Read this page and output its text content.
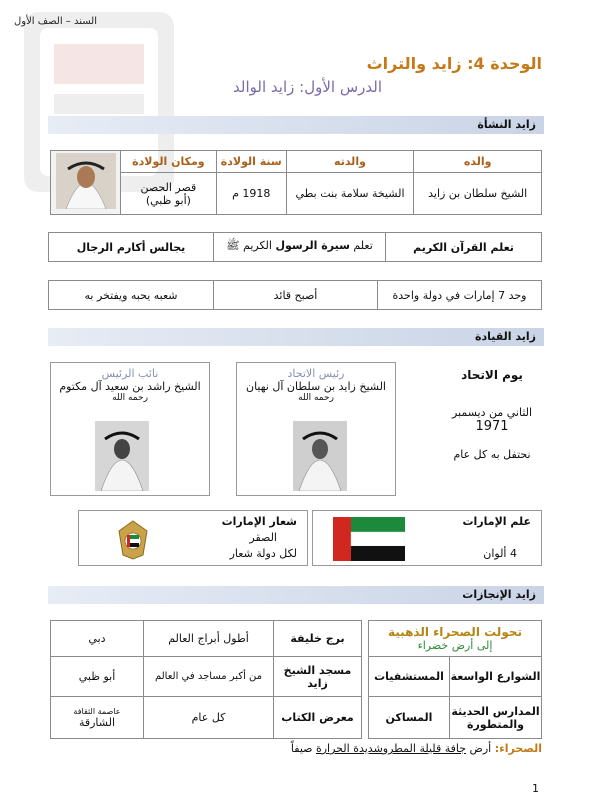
السند – الصف الأول
الوحدة 4: زايد والتراث
الدرس الأول: زايد الوالد
زايد النشأة
والده	والدته	سنة الولادة	ومكان الولادة	
الشيخ سلطان بن زايد	الشيخة سلامة بنت بطي	1918 م	قصر الحصن
(أبو ظبي)	
تعلم القرآن الكريم	تعلم سيرة الرسول الكريم ﷺ	يجالس أكارم الرجال
وحد 7 إمارات في دولة واحدة	أصبح قائد	شعبه يحبه ويفتخر به
زايد القيادة
يوم الاتحاد
الثاني من ديسمبر
1971
نحتفل به كل عام
رئيس الاتحاد
الشيخ زايد بن سلطان آل نهيان
رحمه الله
نائب الرئيس
الشيخ راشد بن سعيد آل مكتوم
رحمه الله
علم الإمارات
4 ألوان
شعار الإمارات
الصقر
لكل دولة شعار
زايد الإنجازات
تحولت الصحراء الذهبية
إلى أرض خضراء	

الشوارع الواسعة	المستشفيات
المدارس الحديثة والمتطورة	المساكن
برج خليفة	أطول أبراج العالم	دبي
مسجد الشيخ زايد	من أكبر مساجد في العالم	أبو ظبي
معرض الكتاب	كل عام	عاصمة الثقافة
الشارقة
الصحراء: أرض جافة قليلة المطروشديدة الحرارة صيفاً
1
